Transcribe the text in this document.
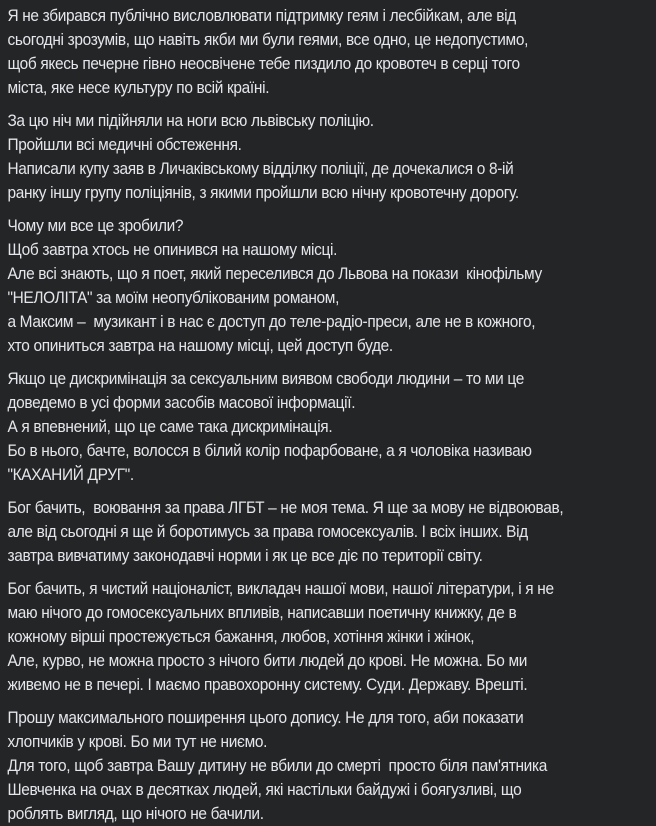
Я не збирався публічно висловлювати підтримку геям і лесбійкам, але від
сьогодні зрозумів, що навіть якби ми були геями, все одно, це недопустимо,
щоб якесь печерне гівно неосвічене тебе пиздило до кровотеч в серці того
міста, яке несе культуру по всій країні.
За цю ніч ми підійняли на ноги всю львівську поліцію.
Пройшли всі медичні обстеження.
Написали купу заяв в Личаківському відділку поліції, де дочекалися о 8-ій
ранку іншу групу поліціянів, з якими пройшли всю нічну кровотечну дорогу.
Чому ми все це зробили?
Щоб завтра хтось не опинився на нашому місці.
Але всі знають, що я поет, який переселився до Львова на покази  кінофільму
"НЕЛОЛІТА" за моїм неопублікованим романом,
а Максим –  музикант і в нас є доступ до теле-радіо-преси, але не в кожного,
хто опиниться завтра на нашому місці, цей доступ буде.
Якщо це дискримінація за сексуальним виявом свободи людини – то ми це
доведемо в усі форми засобів масової інформації.
А я впевнений, що це саме така дискримінація.
Бо в нього, бачте, волосся в білий колір пофарбоване, а я чоловіка називаю
"КАХАНИЙ ДРУГ".
Бог бачить,  воювання за права ЛГБТ – не моя тема. Я ще за мову не відвоював,
але від сьогодні я ще й боротимусь за права гомосексуалів. І всіх інших. Від
завтра вивчатиму законодавчі норми і як це все діє по території світу.
Бог бачить, я чистий націоналіст, викладач нашої мови, нашої літератури, і я не
маю нічого до гомосексуальних впливів, написавши поетичну книжку, де в
кожному вірші простежується бажання, любов, хотіння жінки і жінок,
Але, курво, не можна просто з нічого бити людей до крові. Не можна. Бо ми
живемо не в печері. І маємо правохоронну систему. Суди. Державу. Врешті.
Прошу максимального поширення цього допису. Не для того, аби показати
хлопчиків у крові. Бо ми тут не ниємо.
Для того, щоб завтра Вашу дитину не вбили до смерті  просто біля пам'ятника
Шевченка на очах в десятках людей, які настільки байдужі і боягузливі, що
роблять вигляд, що нічого не бачили.
